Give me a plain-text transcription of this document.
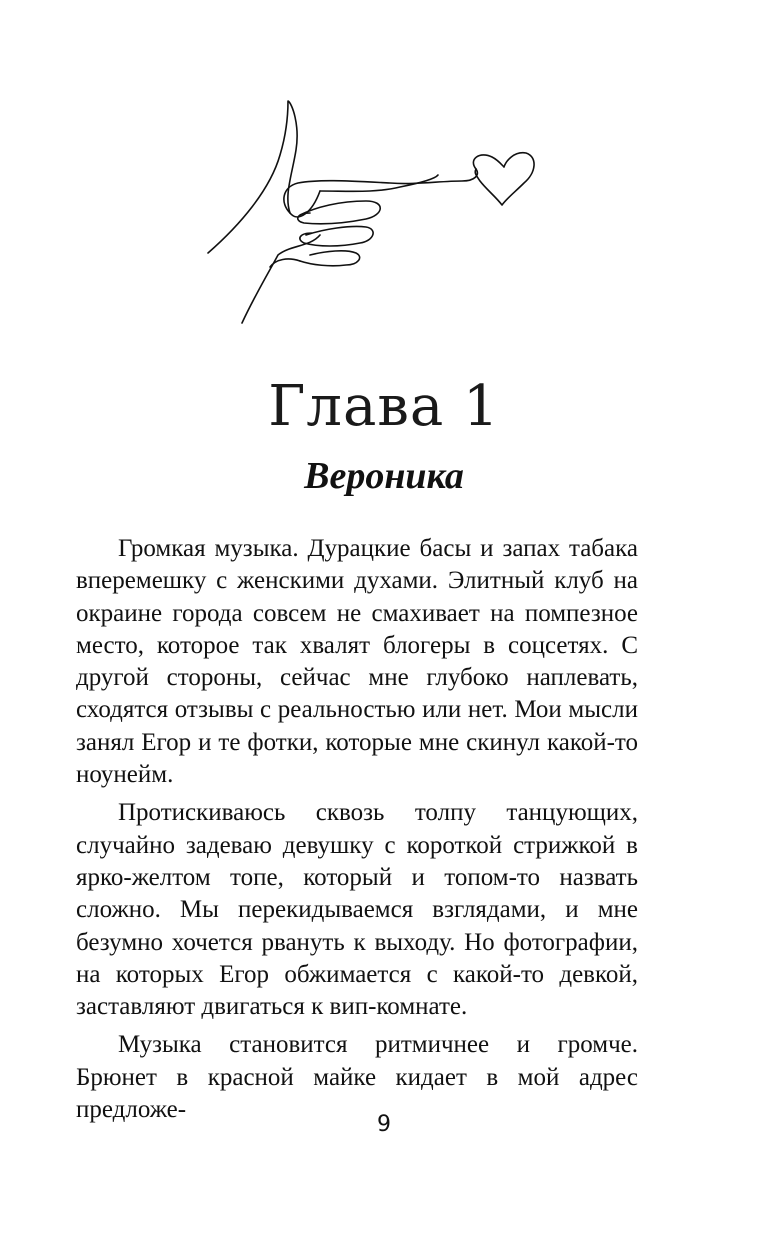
Глава 1
Вероника

Громкая музыка. Дурацкие басы и запах табака вперемешку с женскими духами. Элитный клуб на окраине города совсем не смахивает на помпезное место, которое так хвалят блогеры в соцсетях. С другой стороны, сейчас мне глубоко наплевать, сходятся отзывы с реальностью или нет. Мои мысли занял Егор и те фотки, которые мне скинул какой-то ноунейм.

Протискиваюсь сквозь толпу танцующих, случайно задеваю девушку с короткой стрижкой в ярко-желтом топе, который и топом-то назвать сложно. Мы перекидываемся взглядами, и мне безумно хочется рвануть к выходу. Но фотографии, на которых Егор обжимается с какой-то девкой, заставляют двигаться к вип-комнате.

Музыка становится ритмичнее и громче. Брюнет в красной майке кидает в мой адрес предложе-

9
